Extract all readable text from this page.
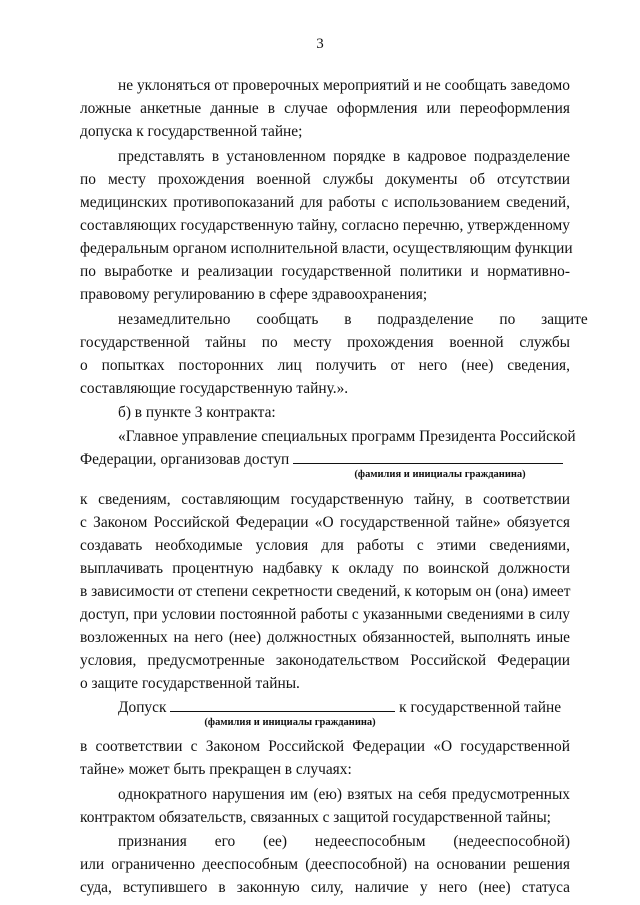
3
не уклоняться от проверочных мероприятий и не сообщать заведомо
ложные анкетные данные в случае оформления или переоформления
допуска к государственной тайне;
представлять в установленном порядке в кадровое подразделение
по месту прохождения военной службы документы об отсутствии
медицинских противопоказаний для работы с использованием сведений,
составляющих государственную тайну, согласно перечню, утвержденному
федеральным органом исполнительной власти, осуществляющим функции
по выработке и реализации государственной политики и нормативно-
правовому регулированию в сфере здравоохранения;
незамедлительно сообщать в подразделение по защите
государственной тайны по месту прохождения военной службы
о попытках посторонних лиц получить от него (нее) сведения,
составляющие государственную тайну.».
б) в пункте 3 контракта:
«Главное управление специальных программ Президента Российской
Федерации, организовав доступ
(фамилия и инициалы гражданина)
к сведениям, составляющим государственную тайну, в соответствии
с Законом Российской Федерации «О государственной тайне» обязуется
создавать необходимые условия для работы с этими сведениями,
выплачивать процентную надбавку к окладу по воинской должности
в зависимости от степени секретности сведений, к которым он (она) имеет
доступ, при условии постоянной работы с указанными сведениями в силу
возложенных на него (нее) должностных обязанностей, выполнять иные
условия, предусмотренные законодательством Российской Федерации
о защите государственной тайны.
Допуск	к государственной тайне
(фамилия и инициалы гражданина)
в соответствии с Законом Российской Федерации «О государственной
тайне» может быть прекращен в случаях:
однократного нарушения им (ею) взятых на себя предусмотренных
контрактом обязательств, связанных с защитой государственной тайны;
признания его (ее) недееспособным (недееспособной)
или ограниченно дееспособным (дееспособной) на основании решения
суда, вступившего в законную силу, наличие у него (нее) статуса
